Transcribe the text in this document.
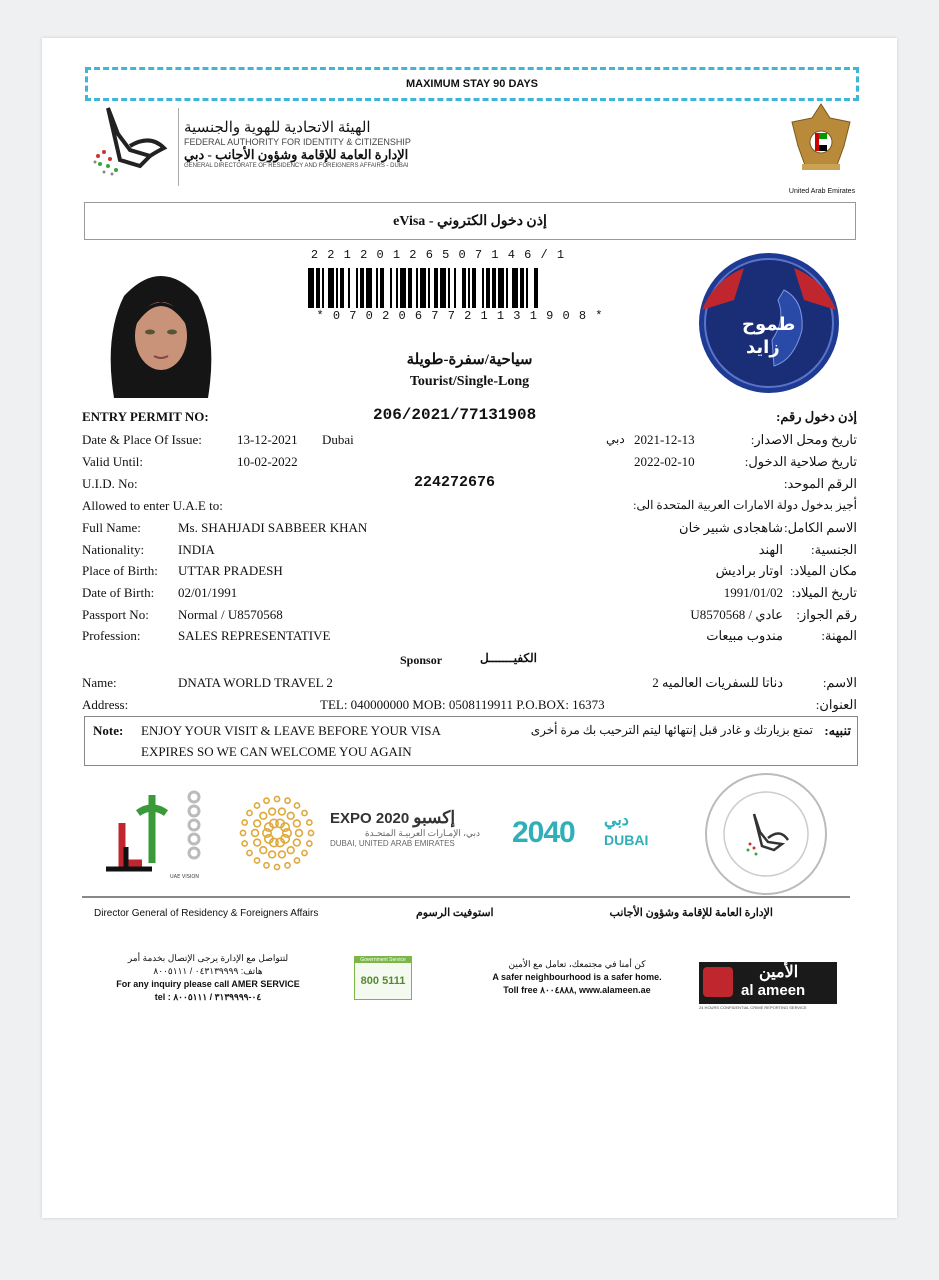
MAXIMUM STAY 90 DAYS
الهيئة الاتحادية للهوية والجنسية
FEDERAL AUTHORITY FOR IDENTITY & CITIZENSHIP
الإدارة العامة للإقامة وشؤون الأجانب - دبي
GENERAL DIRECTORATE OF RESIDENCY AND FOREIGNERS AFFAIRS - DUBAI
United Arab Emirates
إذن دخول الكتروني - eVisa
2 2 1 2 0 1 2 6 5 0 7 1 4 6 / 1
* 0 7 0 2 0 6 7 7 2 1 1 3 1 9 0 8 *	طموح
زايد
سياحية/سفرة-طويلة
Tourist/Single-Long
ENTRY PERMIT NO:	206/2021/77131908	إذن دخول رقم:
Date & Place Of Issue:	13-12-2021 Dubai	دبي 2021-12-13	تاريخ ومحل الاصدار:
Valid Until:	10-02-2022	2022-02-10	تاريخ صلاحية الدخول:
U.I.D. No:	224272676	الرقم الموحد:
Allowed to enter U.A.E to:	أجيز بدخول دولة الامارات العربية المتحدة الى:
Full Name:	Ms. SHAHJADI SABBEER KHAN	شاهجادى شبير خان الاسم الكامل:
Nationality:	INDIA	الهند الجنسية:
Place of Birth: UTTAR PRADESH	اوتار براديش مكان الميلاد:
Date of Birth: 02/01/1991	1991/01/02 تاريخ الميلاد:
Passport No: Normal / U8570568	عادي / U8570568 رقم الجواز:
Profession:	SALES REPRESENTATIVE	مندوب مبيعات	المهنة:
Sponsor	الكفيـــــــل
Name:	DNATA WORLD TRAVEL 2	دناتا للسفريات العالميه 2	الاسم:
Address:	TEL: 040000000 MOB: 0508119911 P.O.BOX: 16373	العنوان:
Note: ENJOY YOUR VISIT & LEAVE BEFORE YOUR VISA
EXPIRES SO WE CAN WELCOME YOU AGAIN
تمتع بزيارتك و غادر قبل إنتهائها ليتم الترحيب بك مرة أخرى تنبيه:
UAE VISION
EXPO 2020 إكسبو
دبي، الإمـارات العربيـة المتحـدة
DUBAI, UNITED ARAB EMIRATES	2040 دبي
DUBAI
Director General of Residency & Foreigners Affairs	استوفيت الرسوم	الإدارة العامة للإقامة وشؤون الأجانب
لتتواصل مع الإدارة يرجى الإتصال بخدمة أمر
هاتف: ٠٤٣١٣٩٩٩٩ / ٨٠٠٥١١١
For any inquiry please call AMER SERVICE
tel : ٠٤-٣١٣٩٩٩٩ / ٨٠٠٥١١١
Government Service
800 5111
كن أمنا في مجتمعك، تعامل مع الأمين
A safer neighbourhood is a safer home.
Toll free ٨٠٠٤٨٨٨, www.alameen.ae
الأمين
al ameen
24 HOURS CONFIDENTIAL CRIME REPORTING SERVICE
